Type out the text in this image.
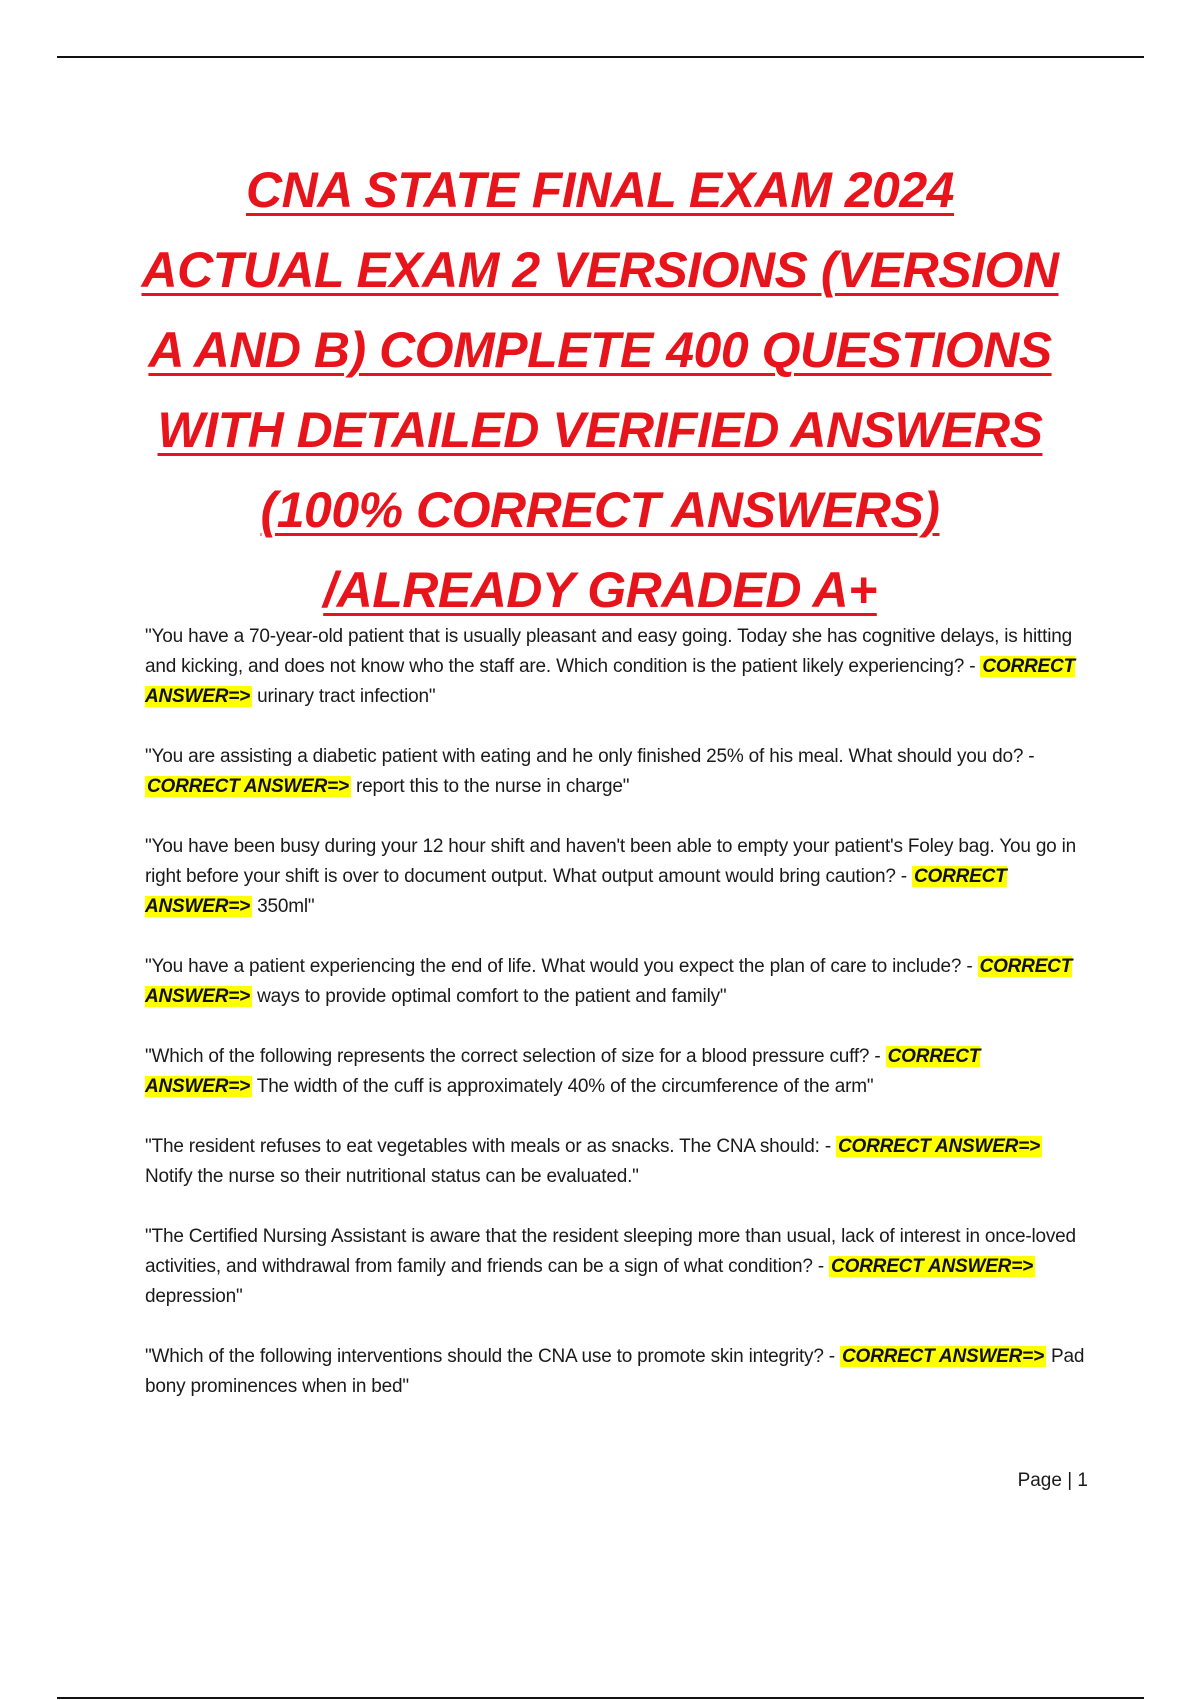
CNA STATE FINAL EXAM 2024
ACTUAL EXAM 2 VERSIONS (VERSION
A AND B) COMPLETE 400 QUESTIONS
WITH DETAILED VERIFIED ANSWERS
(100% CORRECT ANSWERS)
/ALREADY GRADED A+

"You have a 70-year-old patient that is usually pleasant and easy going. Today she has cognitive delays, is hitting and kicking, and does not know who the staff are. Which condition is the patient likely experiencing? - CORRECT ANSWER=> urinary tract infection"

"You are assisting a diabetic patient with eating and he only finished 25% of his meal. What should you do? - CORRECT ANSWER=> report this to the nurse in charge"

"You have been busy during your 12 hour shift and haven't been able to empty your patient's Foley bag. You go in right before your shift is over to document output. What output amount would bring caution? - CORRECT ANSWER=> 350ml"

"You have a patient experiencing the end of life. What would you expect the plan of care to include? - CORRECT ANSWER=> ways to provide optimal comfort to the patient and family"

"Which of the following represents the correct selection of size for a blood pressure cuff? - CORRECT ANSWER=> The width of the cuff is approximately 40% of the circumference of the arm"

"The resident refuses to eat vegetables with meals or as snacks. The CNA should: - CORRECT ANSWER=> Notify the nurse so their nutritional status can be evaluated."

"The Certified Nursing Assistant is aware that the resident sleeping more than usual, lack of interest in once-loved activities, and withdrawal from family and friends can be a sign of what condition? - CORRECT ANSWER=> depression"

"Which of the following interventions should the CNA use to promote skin integrity? - CORRECT ANSWER=> Pad bony prominences when in bed"

Page | 1
